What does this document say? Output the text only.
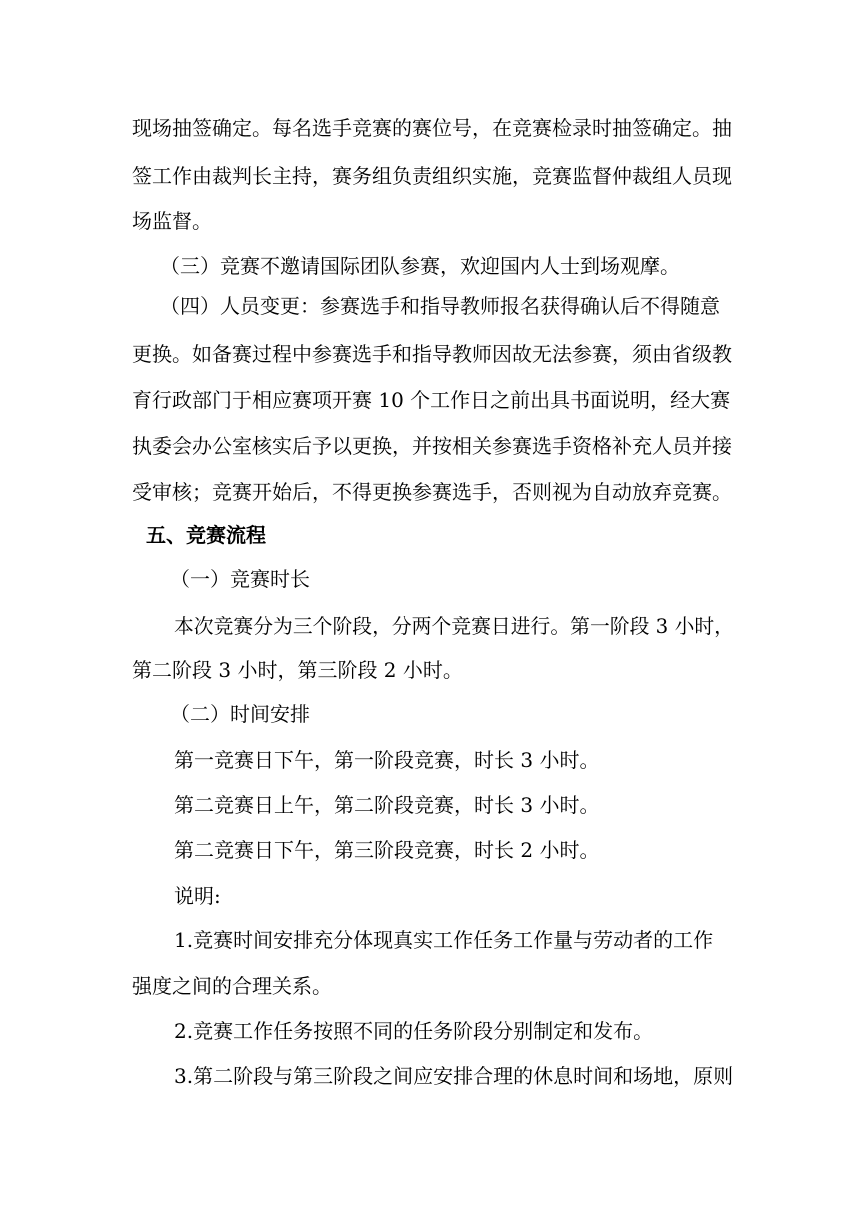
现场抽签确定。每名选手竞赛的赛位号，在竞赛检录时抽签确定。抽
签工作由裁判长主持，赛务组负责组织实施，竞赛监督仲裁组人员现
场监督。
（三）竞赛不邀请国际团队参赛，欢迎国内人士到场观摩。
（四）人员变更：参赛选手和指导教师报名获得确认后不得随意
更换。如备赛过程中参赛选手和指导教师因故无法参赛，须由省级教
育行政部门于相应赛项开赛 10 个工作日之前出具书面说明，经大赛
执委会办公室核实后予以更换，并按相关参赛选手资格补充人员并接
受审核；竞赛开始后，不得更换参赛选手，否则视为自动放弃竞赛。
五、竞赛流程
（一）竞赛时长
本次竞赛分为三个阶段，分两个竞赛日进行。第一阶段 3 小时，
第二阶段 3 小时，第三阶段 2 小时。
（二）时间安排
第一竞赛日下午，第一阶段竞赛，时长 3 小时。
第二竞赛日上午，第二阶段竞赛，时长 3 小时。
第二竞赛日下午，第三阶段竞赛，时长 2 小时。
说明:
1.竞赛时间安排充分体现真实工作任务工作量与劳动者的工作
强度之间的合理关系。
2.竞赛工作任务按照不同的任务阶段分别制定和发布。
3.第二阶段与第三阶段之间应安排合理的休息时间和场地，原则
